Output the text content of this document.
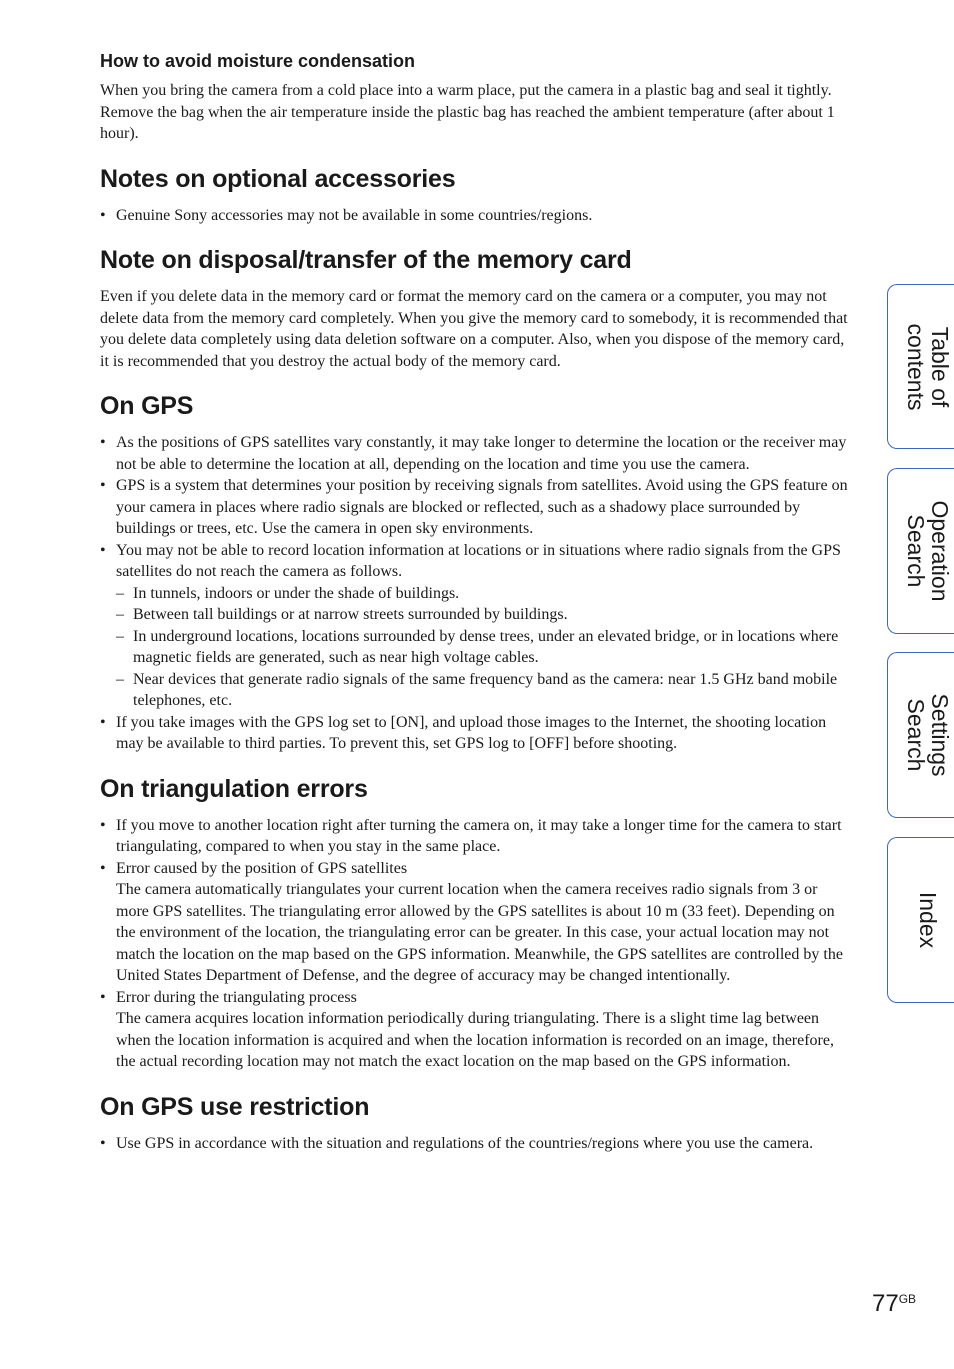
How to avoid moisture condensation

When you bring the camera from a cold place into a warm place, put the camera in a plastic bag and seal it tightly. Remove the bag when the air temperature inside the plastic bag has reached the ambient temperature (after about 1 hour).

Notes on optional accessories
• Genuine Sony accessories may not be available in some countries/regions.
Note on disposal/transfer of the memory card

Even if you delete data in the memory card or format the memory card on the camera or a computer, you may not delete data from the memory card completely. When you give the memory card to somebody, it is recommended that you delete data completely using data deletion software on a computer. Also, when you dispose of the memory card, it is recommended that you destroy the actual body of the memory card.

On GPS
• As the positions of GPS satellites vary constantly, it may take longer to determine the location or the receiver may not be able to determine the location at all, depending on the location and time you use the camera.
• GPS is a system that determines your position by receiving signals from satellites. Avoid using the GPS feature on your camera in places where radio signals are blocked or reflected, such as a shadowy place surrounded by buildings or trees, etc. Use the camera in open sky environments.
• You may not be able to record location information at locations or in situations where radio signals from the GPS satellites do not reach the camera as follows.
– In tunnels, indoors or under the shade of buildings.
– Between tall buildings or at narrow streets surrounded by buildings.
– In underground locations, locations surrounded by dense trees, under an elevated bridge, or in locations where magnetic fields are generated, such as near high voltage cables.
– Near devices that generate radio signals of the same frequency band as the camera: near 1.5 GHz band mobile telephones, etc.
• If you take images with the GPS log set to [ON], and upload those images to the Internet, the shooting location may be available to third parties. To prevent this, set GPS log to [OFF] before shooting.
On triangulation errors
• If you move to another location right after turning the camera on, it may take a longer time for the camera to start triangulating, compared to when you stay in the same place.
• Error caused by the position of GPS satellites
The camera automatically triangulates your current location when the camera receives radio signals from 3 or more GPS satellites. The triangulating error allowed by the GPS satellites is about 10 m (33 feet). Depending on the environment of the location, the triangulating error can be greater. In this case, your actual location may not match the location on the map based on the GPS information. Meanwhile, the GPS satellites are controlled by the United States Department of Defense, and the degree of accuracy may be changed intentionally.
• Error during the triangulating process
The camera acquires location information periodically during triangulating. There is a slight time lag between when the location information is acquired and when the location information is recorded on an image, therefore, the actual recording location may not match the exact location on the map based on the GPS information.
On GPS use restriction
• Use GPS in accordance with the situation and regulations of the countries/regions where you use the camera.
Table of
contents
Operation
Search
Settings
Search
Index
$77^{GB}$
